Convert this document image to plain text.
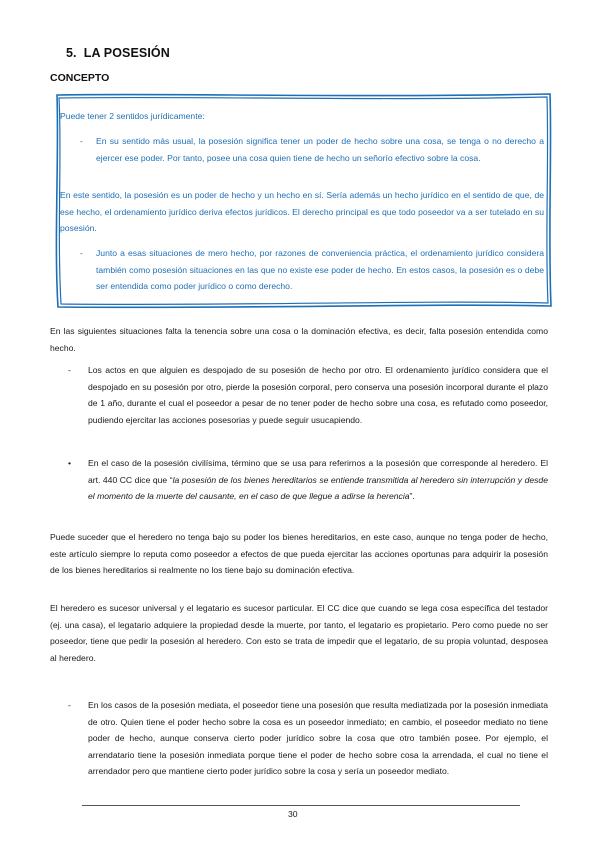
5. LA POSESIÓN
CONCEPTO

Puede tener 2 sentidos jurídicamente:

- En su sentido más usual, la posesión significa tener un poder de hecho sobre una cosa, se tenga o no derecho a ejercer ese poder. Por tanto, posee una cosa quien tiene de hecho un señorío efectivo sobre la cosa.

En este sentido, la posesión es un poder de hecho y un hecho en sí. Sería además un hecho jurídico en el sentido de que, de ese hecho, el ordenamiento jurídico deriva efectos jurídicos. El derecho principal es que todo poseedor va a ser tutelado en su posesión.

- Junto a esas situaciones de mero hecho, por razones de conveniencia práctica, el ordenamiento jurídico considera también como posesión situaciones en las que no existe ese poder de hecho. En estos casos, la posesión es o debe ser entendida como poder jurídico o como derecho.

En las siguientes situaciones falta la tenencia sobre una cosa o la dominación efectiva, es decir, falta posesión entendida como hecho.

- Los actos en que alguien es despojado de su posesión de hecho por otro. El ordenamiento jurídico considera que el despojado en su posesión por otro, pierde la posesión corporal, pero conserva una posesión incorporal durante el plazo de 1 año, durante el cual el poseedor a pesar de no tener poder de hecho sobre una cosa, es refutado como poseedor, pudiendo ejercitar las acciones posesorias y puede seguir usucapiendo.

• En el caso de la posesión civilísima, término que se usa para referirnos a la posesión que corresponde al heredero. El art. 440 CC dice que “la posesión de los bienes hereditarios se entiende transmitida al heredero sin interrupción y desde el momento de la muerte del causante, en el caso de que llegue a adirse la herencia”.

Puede suceder que el heredero no tenga bajo su poder los bienes hereditarios, en este caso, aunque no tenga poder de hecho, este artículo siempre lo reputa como poseedor a efectos de que pueda ejercitar las acciones oportunas para adquirir la posesión de los bienes hereditarios si realmente no los tiene bajo su dominación efectiva.

El heredero es sucesor universal y el legatario es sucesor particular. El CC dice que cuando se lega cosa específica del testador (ej. una casa), el legatario adquiere la propiedad desde la muerte, por tanto, el legatario es propietario. Pero como puede no ser poseedor, tiene que pedir la posesión al heredero. Con esto se trata de impedir que el legatario, de su propia voluntad, desposea al heredero.

- En los casos de la posesión mediata, el poseedor tiene una posesión que resulta mediatizada por la posesión inmediata de otro. Quien tiene el poder hecho sobre la cosa es un poseedor inmediato; en cambio, el poseedor mediato no tiene poder de hecho, aunque conserva cierto poder jurídico sobre la cosa que otro también posee. Por ejemplo, el arrendatario tiene la posesión inmediata porque tiene el poder de hecho sobre cosa la arrendada, el cual no tiene el arrendador pero que mantiene cierto poder jurídico sobre la cosa y sería un poseedor mediato.

30
